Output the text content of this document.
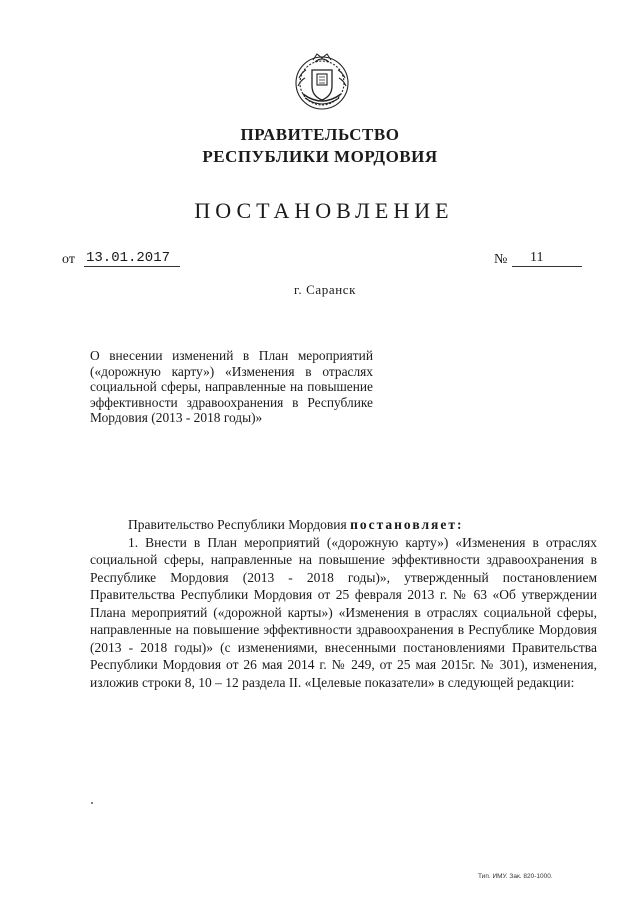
ПРАВИТЕЛЬСТВО
РЕСПУБЛИКИ МОРДОВИЯ
ПОСТАНОВЛЕНИЕ
от 13.01.2017	№	11
г. Саранск
О внесении изменений в План мероприятий («дорожную карту») «Изменения в отраслях социальной сферы, направленные на повышение эффективности здравоохранения в Республике Мордовия (2013 - 2018 годы)»

Правительство Республики Мордовия постановляет:

1. Внести в План мероприятий («дорожную карту») «Изменения в отраслях социальной сферы, направленные на повышение эффективности здравоохранения в Республике Мордовия (2013 - 2018 годы)», утвержденный постановлением Правительства Республики Мордовия от 25 февраля 2013 г. № 63 «Об утверждении Плана мероприятий («дорожной карты») «Изменения в отраслях социальной сферы, направленные на повышение эффективности здравоохранения в Республике Мордовия (2013 - 2018 годы)» (с изменениями, внесенными постановлениями Правительства Республики Мордовия от 26 мая 2014 г. № 249, от 25 мая 2015г. № 301), изменения, изложив строки 8, 10 – 12 раздела II. «Целевые показатели» в следующей редакции:

Тип. ИМУ. Зак. 820-1000.
